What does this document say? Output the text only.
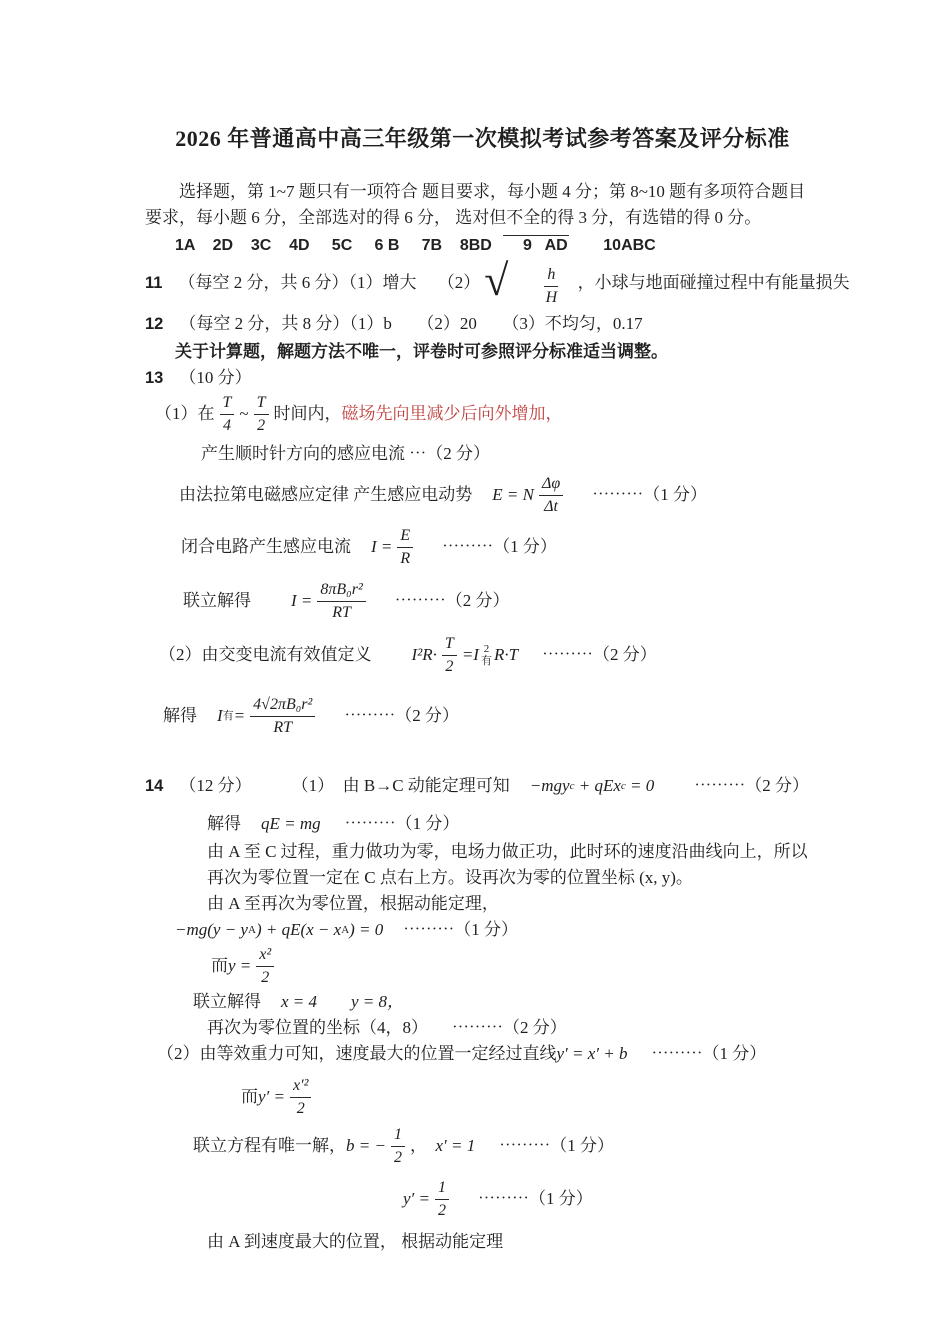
2026 年普通高中高三年级第一次模拟考试参考答案及评分标准

选择题，第 1~7 题只有一项符合 题目要求，每小题 4 分；第 8~10 题有多项符合题目要求，每小题 6 分，全部选对的得 6 分， 选对但不全的得 3 分，有选错的得 0 分。

1A    2D    3C    4D     5C     6 B     7B    8BD       9   AD        10ABC
11 （每空 2 分，共 6 分）（1）增大　 （2） √

$\frac{h}{H}$

，小球与地面碰撞过程中有能量损失
12 （每空 2 分，共 8 分）（1）b　　（2）20　　（3）不均匀，0.17
关于计算题，解题方法不唯一，评卷时可参照评分标准适当调整。
13 （10 分）
（1）在 $\frac{T}{4}$ ~ $\frac{T}{2}$ 时间内， 磁场先向里减少后向外增加，
产生顺时针方向的感应电流 ⋯（2 分）
由法拉第电磁感应定律 产生感应电动势 E = N $\frac{\Delta\varphi}{\Delta t}$ ⋯⋯⋯（1 分）
闭合电路产生感应电流 $I = \frac{E}{R}$ ⋯⋯⋯（1 分）
联立解得 $I = \frac{\text{8πB₀r²}}{RT}$ ⋯⋯⋯（2 分）
（2）由交变电流有效值定义 $I^2R\cdot \frac{T}{2} = I$ 2
有 R·T ⋯⋯⋯（2 分）
解得 I 有 = $\frac{\text{4√2πB₀r²}}{RT}$ ⋯⋯⋯（2 分）
14 （12 分） （1）　由 B→C 动能定理可知 −mgy c + qEx c = 0 ⋯⋯⋯（2 分）
解得 qE = mg ⋯⋯⋯（1 分）

由 A 至 C 过程，重力做功为零，电场力做正功，此时环的速度沿曲线向上，所以再次为零位置一定在 C 点右上方。设再次为零的位置坐标 (x, y)。

由 A 至再次为零位置，根据动能定理，
−mg(y − y A ) + qE(x − x A ) = 0 ⋯⋯⋯（1 分）
而 $y = \frac{\text{x²}}{2}$
联立解得 x = 4　　y = 8，
再次为零位置的坐标（4，8） ⋯⋯⋯（2 分）
（2）由等效重力可知，速度最大的位置一定经过直线 y′ = x′ + b ⋯⋯⋯（1 分）
而 $y' = \frac{\text{x′²}}{2}$
联立方程有唯一解， b = − $\frac{1}{2}$ ，　 x′ = 1 ⋯⋯⋯（1 分）
$y' = \frac{1}{2}$ ⋯⋯⋯（1 分）
由 A 到速度最大的位置， 根据动能定理
